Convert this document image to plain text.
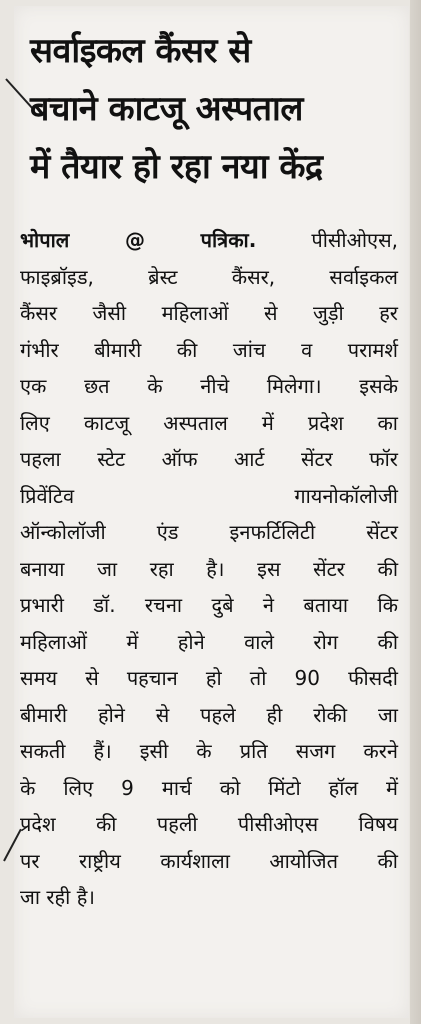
सर्वाइकल कैंसर से
बचाने काटजू अस्पताल
में तैयार हो रहा नया केंद्र
भोपाल @ पत्रिका. पीसीओएस,
फाइब्रॉइड, ब्रेस्ट कैंसर, सर्वाइकल
कैंसर जैसी महिलाओं से जुड़ी हर
गंभीर बीमारी की जांच व परामर्श
एक छत के नीचे मिलेगा। इसके
लिए काटजू अस्पताल में प्रदेश का
पहला स्टेट ऑफ आर्ट सेंटर फॉर
प्रिवेंटिव गायनोकॉलोजी
ऑन्कोलॉजी एंड इनफर्टिलिटी सेंटर
बनाया जा रहा है। इस सेंटर की
प्रभारी डॉ. रचना दुबे ने बताया कि
महिलाओं में होने वाले रोग की
समय से पहचान हो तो 90 फीसदी
बीमारी होने से पहले ही रोकी जा
सकती हैं। इसी के प्रति सजग करने
के लिए 9 मार्च को मिंटो हॉल में
प्रदेश की पहली पीसीओएस विषय
पर राष्ट्रीय कार्यशाला आयोजित की
जा रही है।
